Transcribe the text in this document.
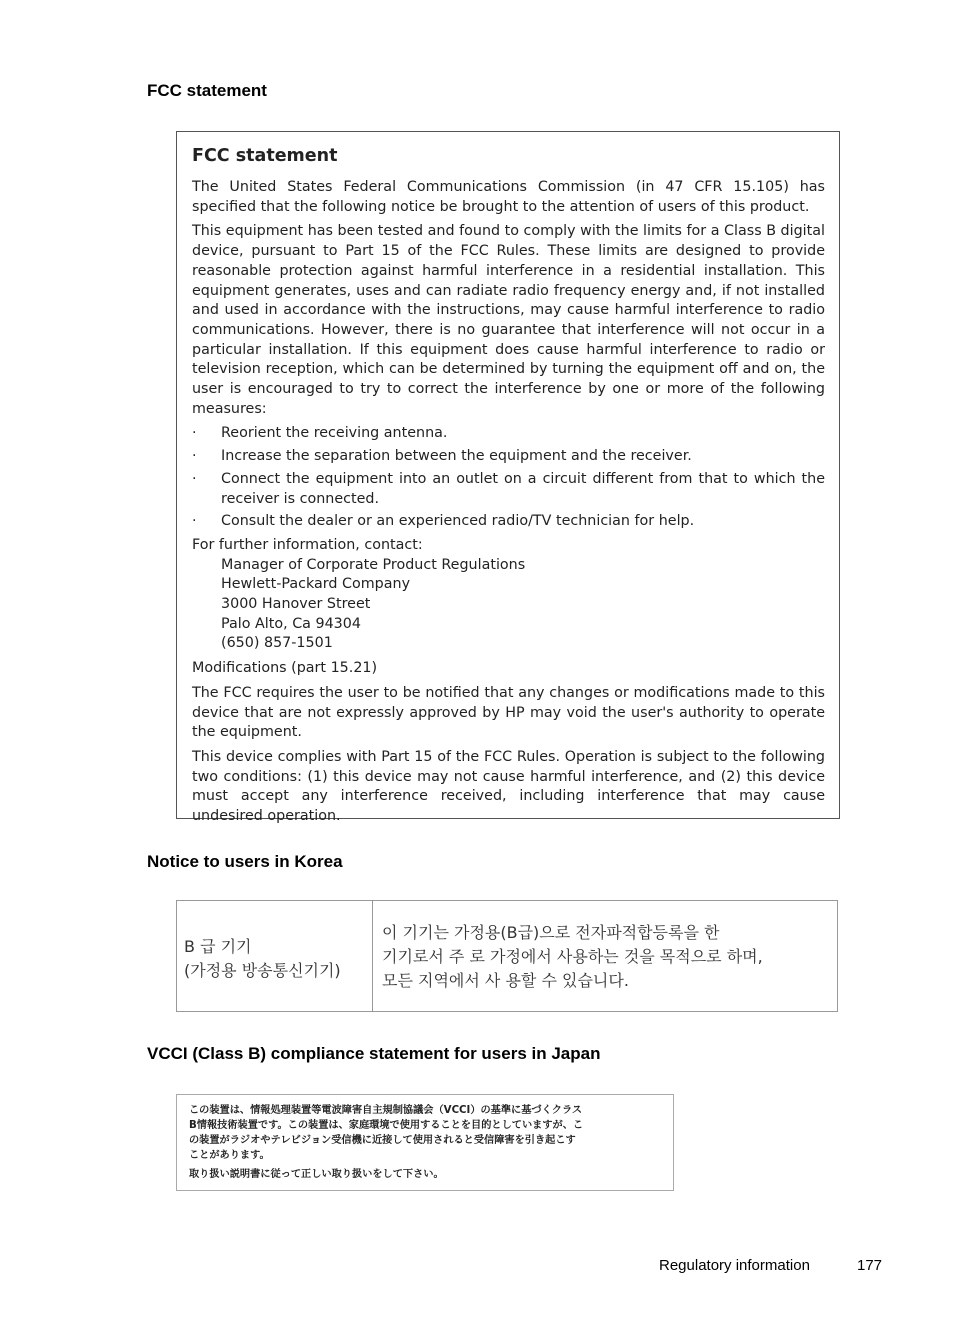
FCC statement
FCC statement

The United States Federal Communications Commission (in 47 CFR 15.105) has specified that the following notice be brought to the attention of users of this product.

This equipment has been tested and found to comply with the limits for a Class B digital device, pursuant to Part 15 of the FCC Rules. These limits are designed to provide reasonable protection against harmful interference in a residential installation. This equipment generates, uses and can radiate radio frequency energy and, if not installed and used in accordance with the instructions, may cause harmful interference to radio communications. However, there is no guarantee that interference will not occur in a particular installation. If this equipment does cause harmful interference to radio or television reception, which can be determined by turning the equipment off and on, the user is encouraged to try to correct the interference by one or more of the following measures:

· Reorient the receiving antenna.
· Increase the separation between the equipment and the receiver.
· Connect the equipment into an outlet on a circuit different from that to which the receiver is connected.
· Consult the dealer or an experienced radio/TV technician for help.

For further information, contact:

Manager of Corporate Product Regulations
Hewlett-Packard Company
3000 Hanover Street
Palo Alto, Ca 94304
(650) 857-1501

Modifications (part 15.21)

The FCC requires the user to be notified that any changes or modifications made to this device that are not expressly approved by HP may void the user's authority to operate the equipment.

This device complies with Part 15 of the FCC Rules. Operation is subject to the following two conditions: (1) this device may not cause harmful interference, and (2) this device must accept any interference received, including interference that may cause undesired operation.

Notice to users in Korea
B 급 기기
(가정용 방송통신기기)
이 기기는 가정용(B급)으로 전자파적합등록을 한
기기로서 주 로 가정에서 사용하는 것을 목적으로 하며,
모든 지역에서 사 용할 수 있습니다.
VCCI (Class B) compliance statement for users in Japan

この装置は、情報処理装置等電波障害自主規制協議会（VCCI）の基準に基づくクラス

B情報技術装置です。この装置は、家庭環境で使用することを目的としていますが、こ

の装置がラジオやテレビジョン受信機に近接して使用されると受信障害を引き起こす

ことがあります。

取り扱い説明書に従って正しい取り扱いをして下さい。

Regulatory information	177
